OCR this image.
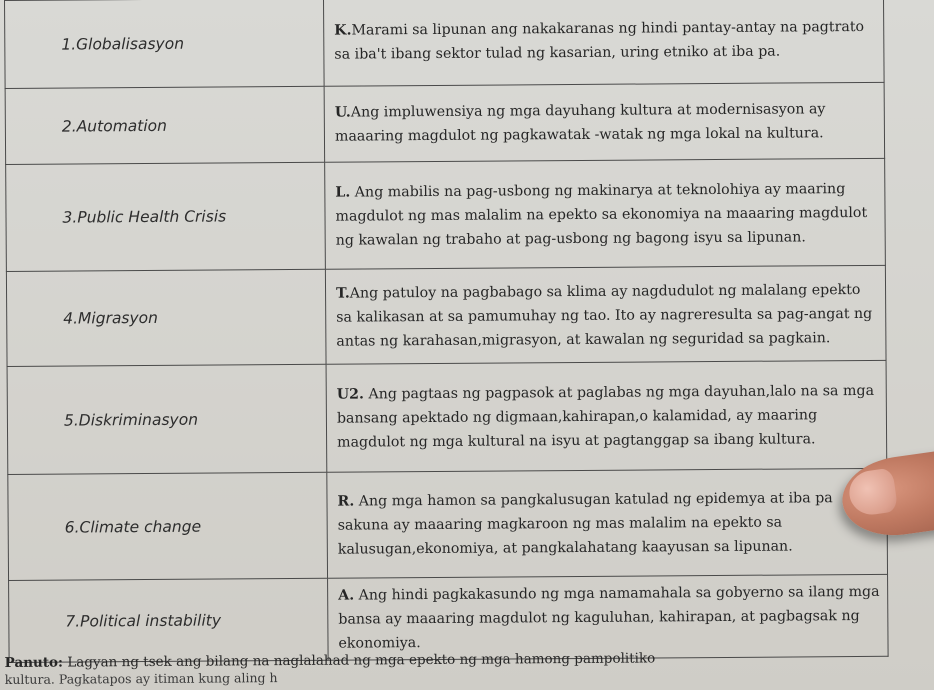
1.Globalisasyon	K.Marami sa lipunan ang nakakaranas ng hindi pantay-antay na pagtrato sa iba't ibang sektor tulad ng kasarian, uring etniko at iba pa.
2.Automation	U.Ang impluwensiya ng mga dayuhang kultura at modernisasyon ay maaaring magdulot ng pagkawatak -watak ng mga lokal na kultura.
3.Public Health Crisis	L. Ang mabilis na pag-usbong ng makinarya at teknolohiya ay maaring magdulot ng mas malalim na epekto sa ekonomiya na maaaring magdulot ng kawalan ng trabaho at pag-usbong ng bagong isyu sa lipunan.
4.Migrasyon	T.Ang patuloy na pagbabago sa klima ay nagdudulot ng malalang epekto sa kalikasan at sa pamumuhay ng tao. Ito ay nagreresulta sa pag-angat ng antas ng karahasan,migrasyon, at kawalan ng seguridad sa pagkain.
5.Diskriminasyon	U2. Ang pagtaas ng pagpasok at paglabas ng mga dayuhan,lalo na sa mga bansang apektado ng digmaan,kahirapan,o kalamidad, ay maaring magdulot ng mga kultural na isyu at pagtanggap sa ibang kultura.
6.Climate change	R. Ang mga hamon sa pangkalusugan katulad ng epidemya at iba pa sakuna ay maaaring magkaroon ng mas malalim na epekto sa kalusugan,ekonomiya, at pangkalahatang kaayusan sa lipunan.
7.Political instability	A. Ang hindi pagkakasundo ng mga namamahala sa gobyerno sa ilang mga bansa ay maaaring magdulot ng kaguluhan, kahirapan, at pagbagsak ng ekonomiya.
Panuto: Lagyan ng tsek ang bilang na naglalahad ng mga epekto ng mga hamong pampolitiko
kultura. Pagkatapos ay itiman kung aling h
